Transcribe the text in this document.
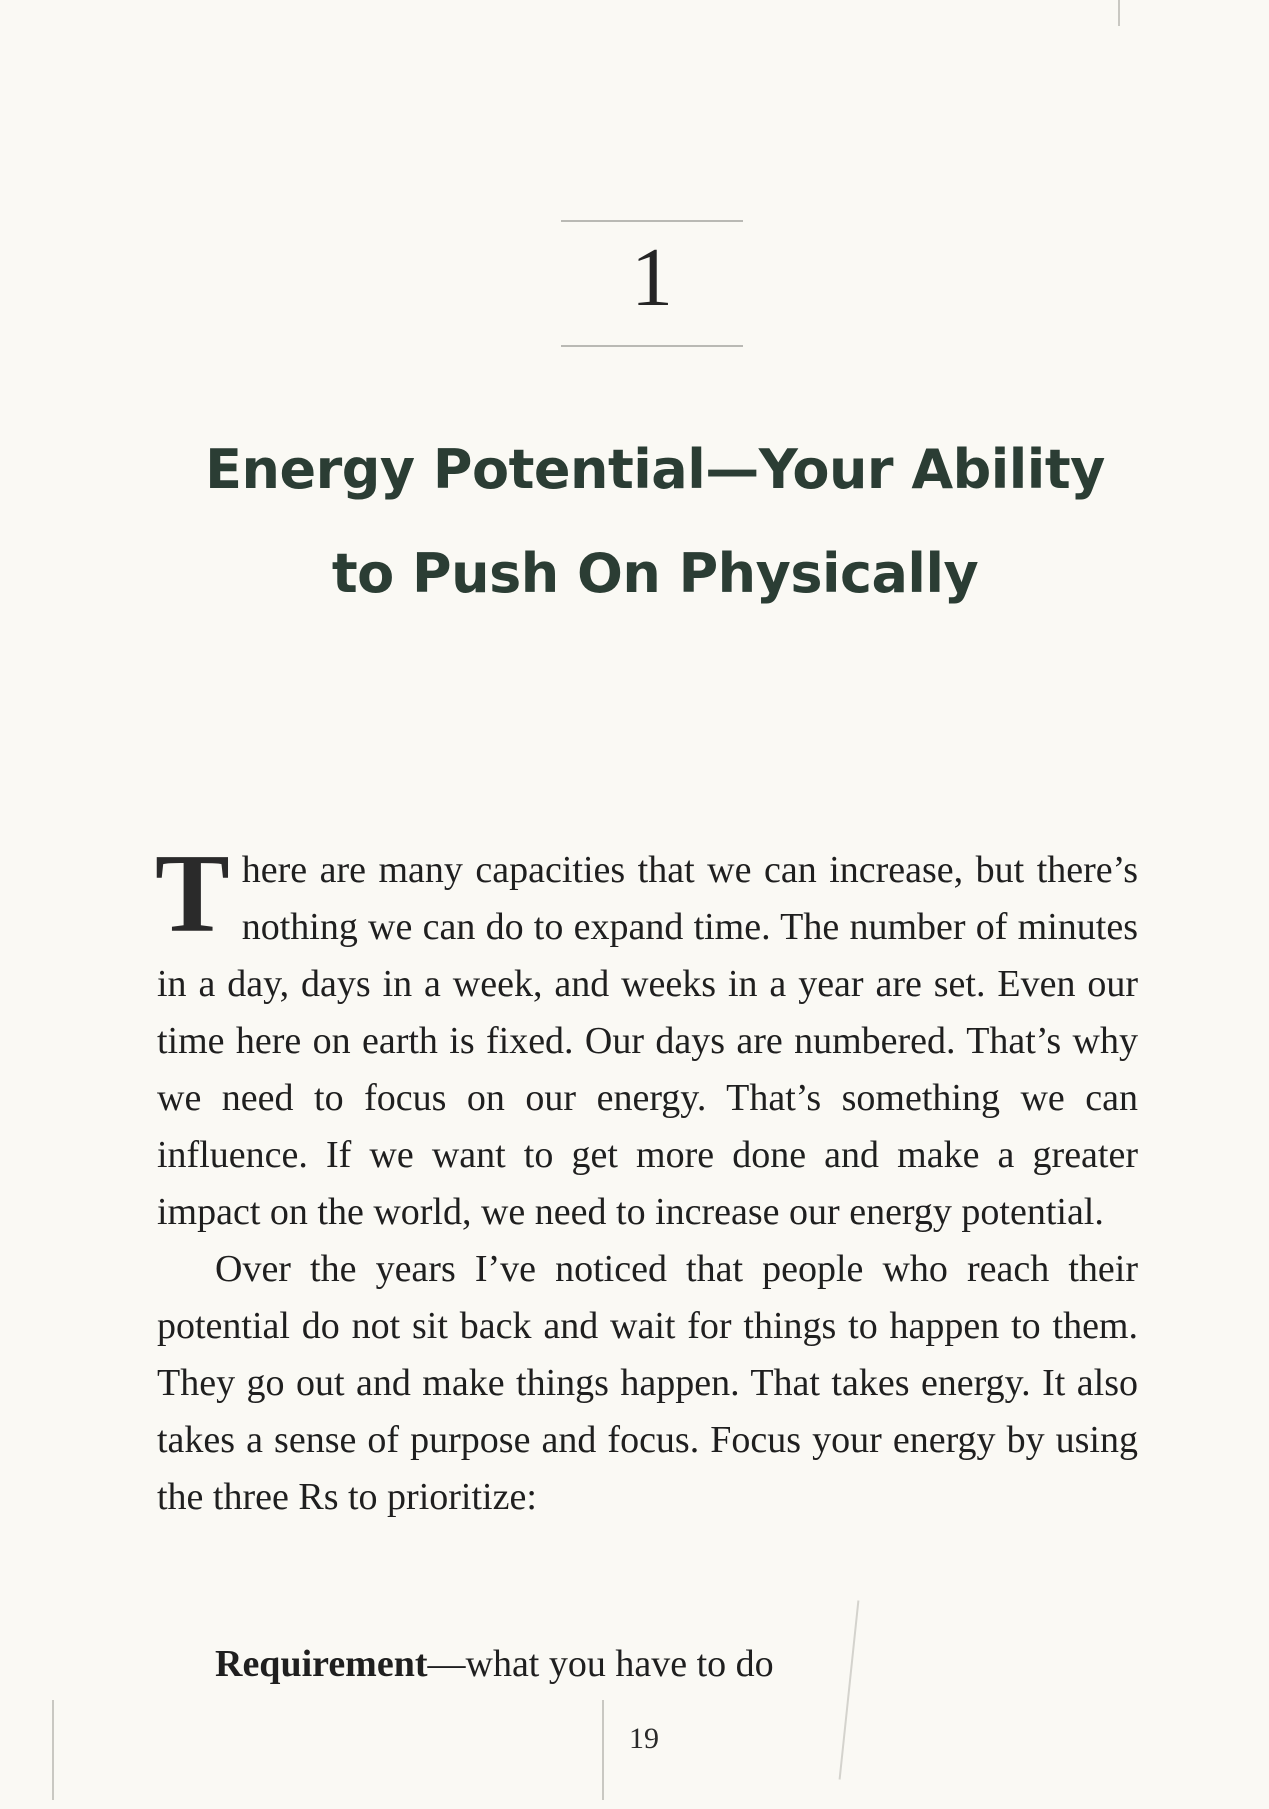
1
Energy Potential—Your Ability
to Push On Physically

There are many capacities that we can increase, but there’s nothing we can do to expand time. The number of minutes in a day, days in a week, and weeks in a year are set. Even our time here on earth is fixed. Our days are numbered. That’s why we need to focus on our energy. That’s something we can influence. If we want to get more done and make a greater impact on the world, we need to increase our energy potential.

Over the years I’ve noticed that people who reach their potential do not sit back and wait for things to happen to them. They go out and make things happen. That takes energy. It also takes a sense of purpose and focus. Focus your energy by using the three Rs to prioritize:

Requirement—what you have to do
19
